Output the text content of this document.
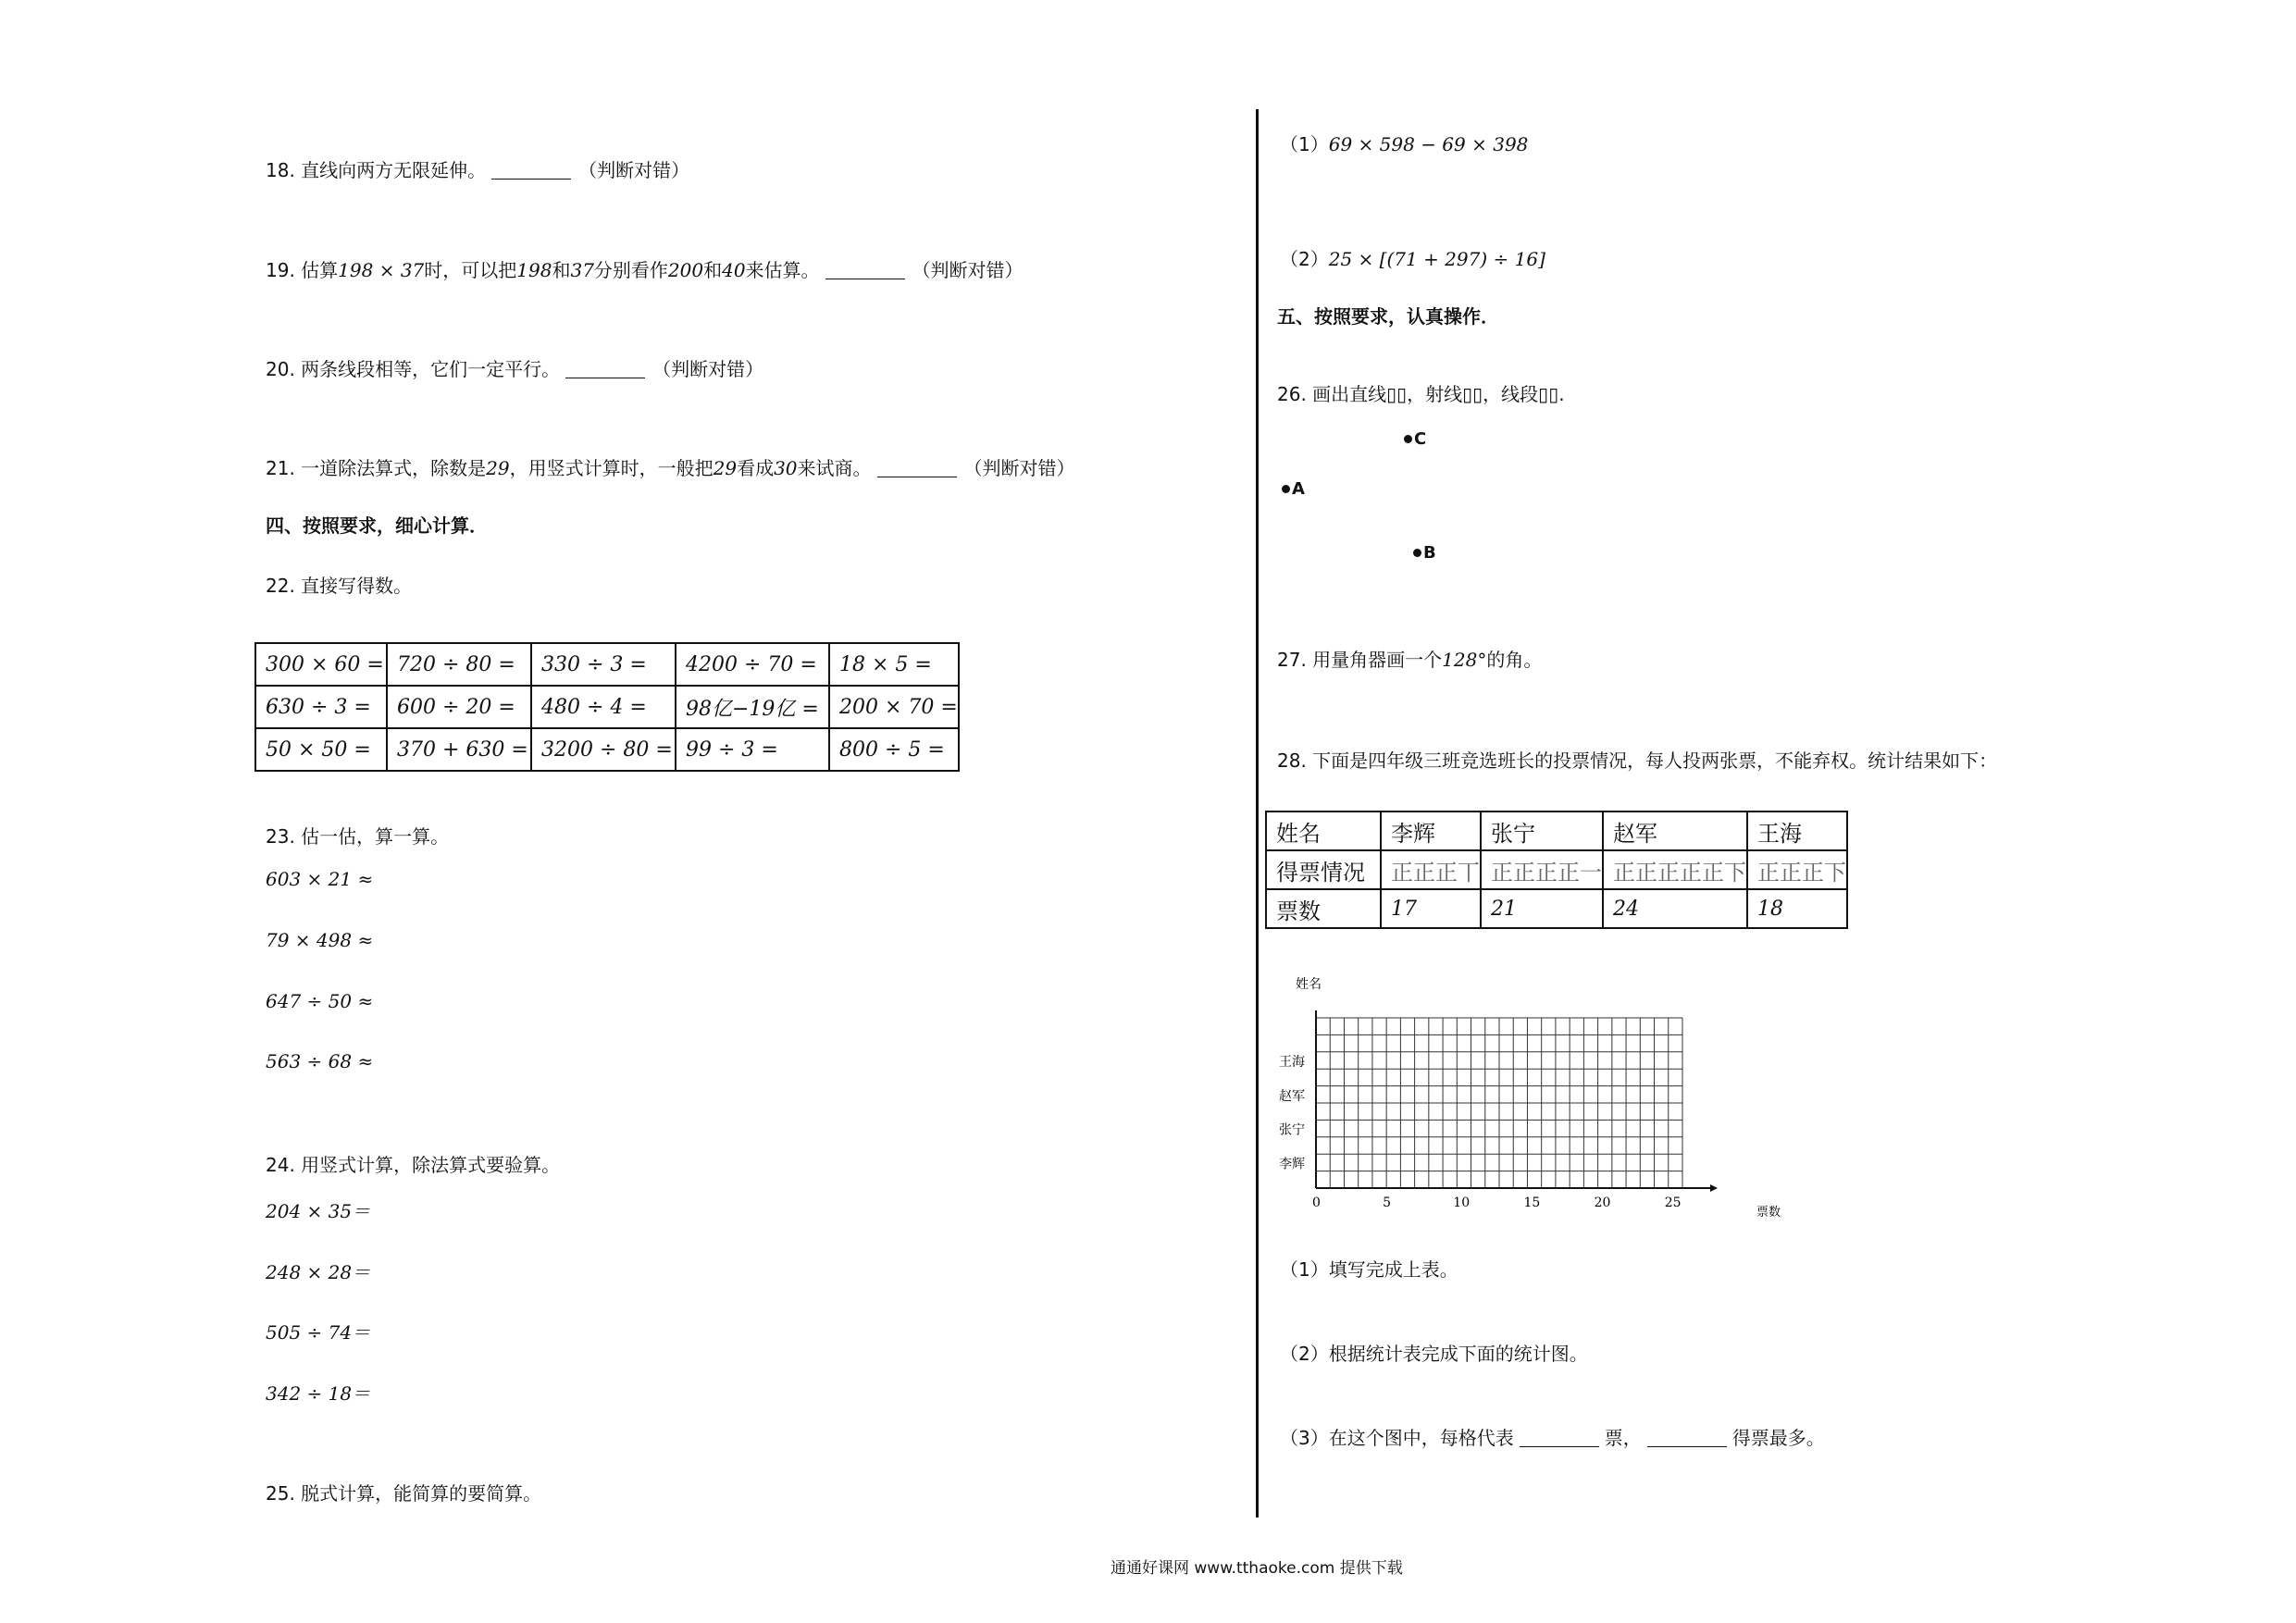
18. 直线向两方无限延伸。	（判断对错）
19. 估算198 × 37时，可以把198和37分别看作200和40来估算。	（判断对错）
20. 两条线段相等，它们一定平行。	（判断对错）
21. 一道除法算式，除数是29，用竖式计算时，一般把29看成30来试商。	（判断对错）
四、按照要求，细心计算．
22. 直接写得数。
300 × 60 =	720 ÷ 80 =	330 ÷ 3 =	4200 ÷ 70 =	18 × 5 =
630 ÷ 3 =	600 ÷ 20 =	480 ÷ 4 =	98亿−19亿 =	200 × 70 =
50 × 50 =	370 + 630 =	3200 ÷ 80 =	99 ÷ 3 =	800 ÷ 5 =
23. 估一估，算一算。
603 × 21 ≈
79 × 498 ≈
647 ÷ 50 ≈
563 ÷ 68 ≈
24. 用竖式计算，除法算式要验算。
204 × 35＝
248 × 28＝
505 ÷ 74＝
342 ÷ 18＝
25. 脱式计算，能简算的要简算。
（1）69 × 598 − 69 × 398
（2）25 × [(71 + 297) ÷ 16]
五、按照要求，认真操作．
26. 画出直线▯▯，射线▯▯，线段▯▯.
C
A
B
27. 用量角器画一个128°的角。
28. 下面是四年级三班竞选班长的投票情况，每人投两张票，不能弃权。统计结果如下：
姓名	李辉	张宁	赵军	王海
得票情况	正正正丅	正正正正一	正正正正正下	正正正下
票数	17	21	24	18
姓名
票数
李辉
张宁
赵军
王海
0	5	10	15	20	25
（1）填写完成上表。
（2）根据统计表完成下面的统计图。
（3）在这个图中，每格代表	票，	得票最多。
通通好课网 www.tthaoke.com 提供下载
